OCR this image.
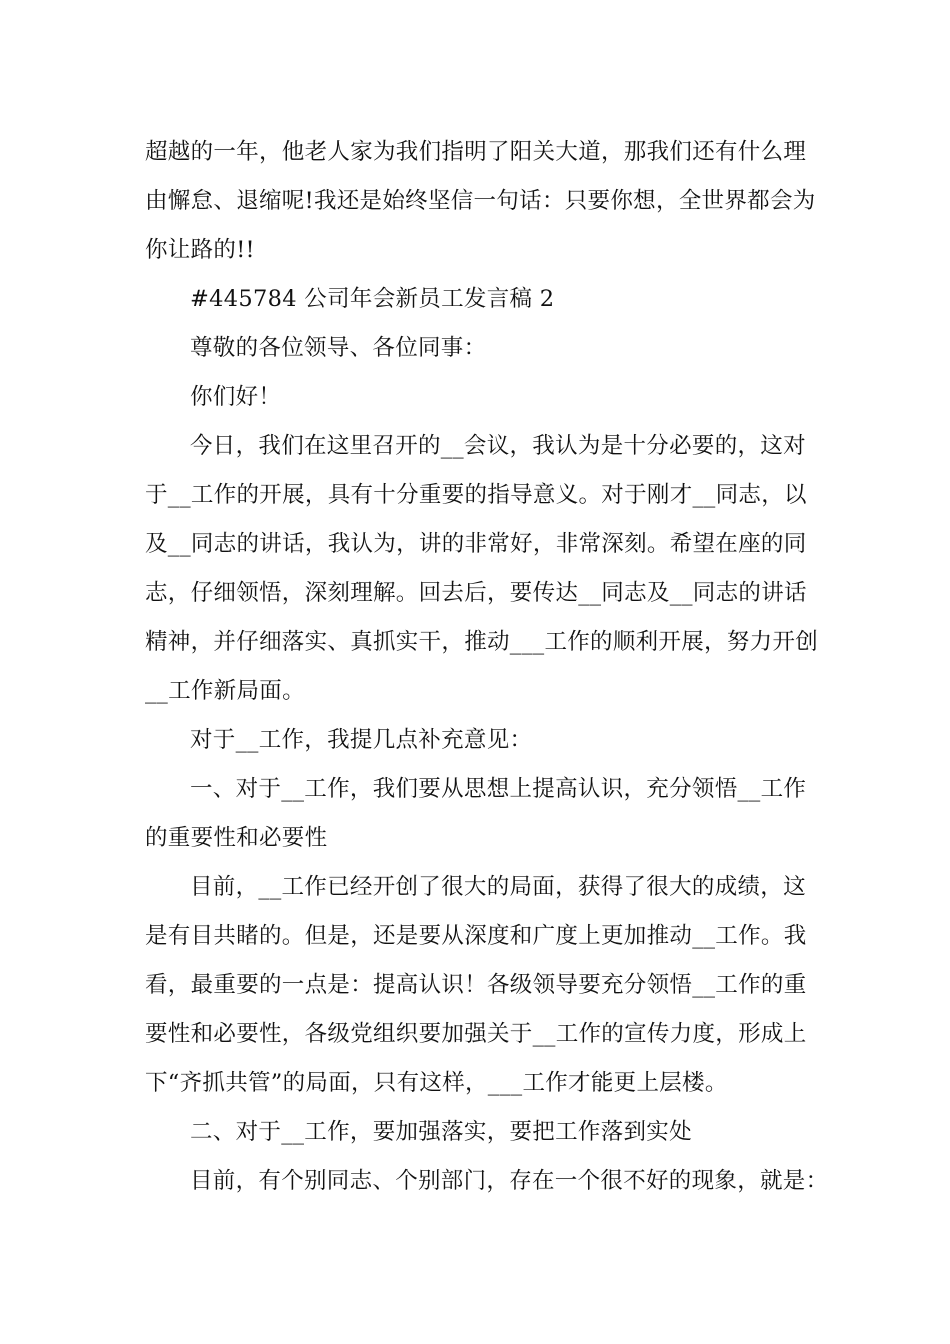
超越的一年，他老人家为我们指明了阳关大道，那我们还有什么理
由懈怠、退缩呢!我还是始终坚信一句话：只要你想，全世界都会为
你让路的!!
#445784 公司年会新员工发言稿 2
尊敬的各位领导、各位同事：
你们好！
今日，我们在这里召开的__会议，我认为是十分必要的，这对
于__工作的开展，具有十分重要的指导意义。对于刚才__同志，以
及__同志的讲话，我认为，讲的非常好，非常深刻。希望在座的同
志，仔细领悟，深刻理解。回去后，要传达__同志及__同志的讲话
精神，并仔细落实、真抓实干，推动___工作的顺利开展，努力开创
__工作新局面。
对于__工作，我提几点补充意见：
一、对于__工作，我们要从思想上提高认识，充分领悟__工作
的重要性和必要性
目前，__工作已经开创了很大的局面，获得了很大的成绩，这
是有目共睹的。但是，还是要从深度和广度上更加推动__工作。我
看，最重要的一点是：提高认识！各级领导要充分领悟__工作的重
要性和必要性，各级党组织要加强关于__工作的宣传力度，形成上
下“齐抓共管”的局面，只有这样，___工作才能更上层楼。
二、对于__工作，要加强落实，要把工作落到实处
目前，有个别同志、个别部门，存在一个很不好的现象，就是：
